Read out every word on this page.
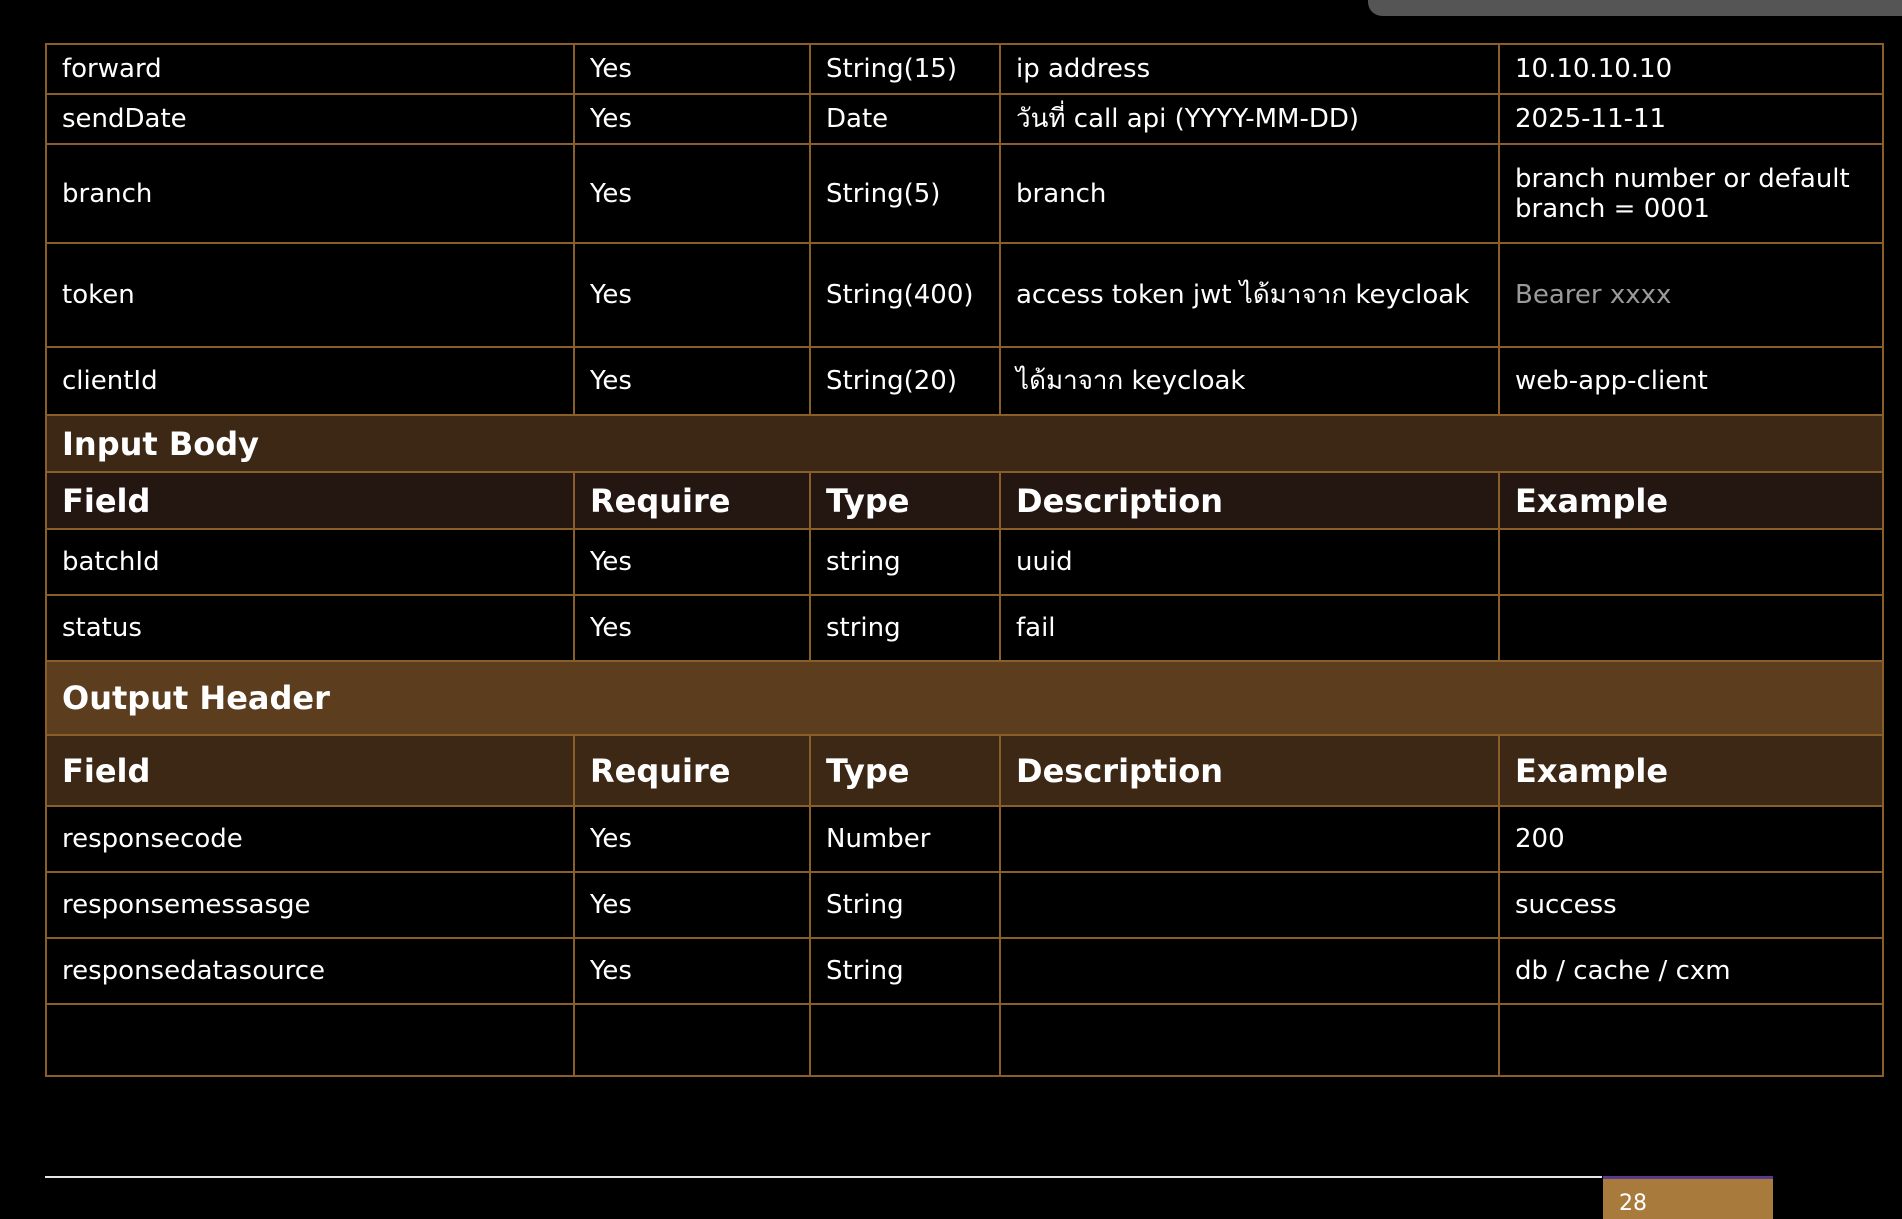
forward	Yes	String(15)	ip address	10.10.10.10
sendDate	Yes	Date	วันที่ call api (YYYY-MM-DD)	2025-11-11
branch	Yes	String(5)	branch	branch number or default branch = 0001
token	Yes	String(400)	access token jwt ได้มาจาก keycloak	Bearer xxxx
clientId	Yes	String(20)	ได้มาจาก keycloak	web-app-client
Input Body				
Field	Require	Type	Description	Example
batchId	Yes	string	uuid	
status	Yes	string	fail	
Output Header				
Field	Require	Type	Description	Example
responsecode	Yes	Number		200
responsemessasge	Yes	String		success
responsedatasource	Yes	String		db / cache / cxm

28
